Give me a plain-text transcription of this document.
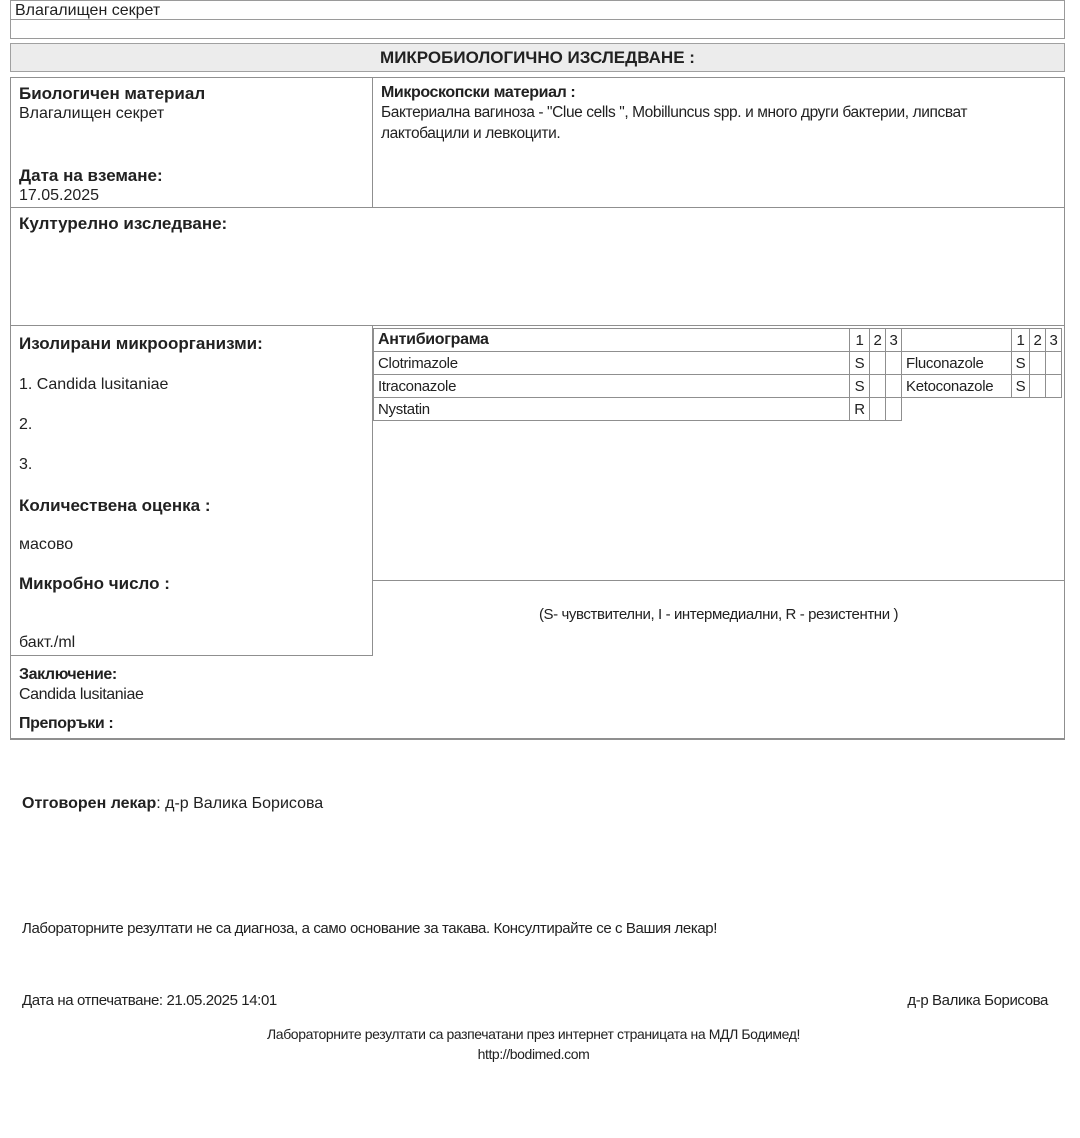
Влагалищен секрет
МИКРОБИОЛОГИЧНО ИЗСЛЕДВАНЕ :
Биологичен материал
Влагалищен секрет
Дата на вземане:
17.05.2025
Микроскопски материал :
Бактериална вагиноза - "Clue cells ", Mobilluncus spp. и много други бактерии, липсват лактобацили и левкоцити.
Културелно изследване:
Изолирани микроорганизми:
1. Candida lusitaniae
2.
3.
Количествена оценка :
масово
Микробно число :
бакт./ml
Антибиограма	1	2	3		1	2	3
Clotrimazole	S			Fluconazole	S		
Itraconazole	S			Ketoconazole	S		
Nystatin	R						
(S- чувствителни, I - интермедиални, R - резистентни )
Заключение:
Candida lusitaniae
Препоръки :
Отговорен лекар: д-р Валика Борисова
Лабораторните резултати не са диагноза, а само основание за такава. Консултирайте се с Вашия лекар!
Дата на отпечатване: 21.05.2025 14:01	д-р Валика Борисова
Лабораторните резултати са разпечатани през интернет страницата на МДЛ Бодимед!
http://bodimed.com
